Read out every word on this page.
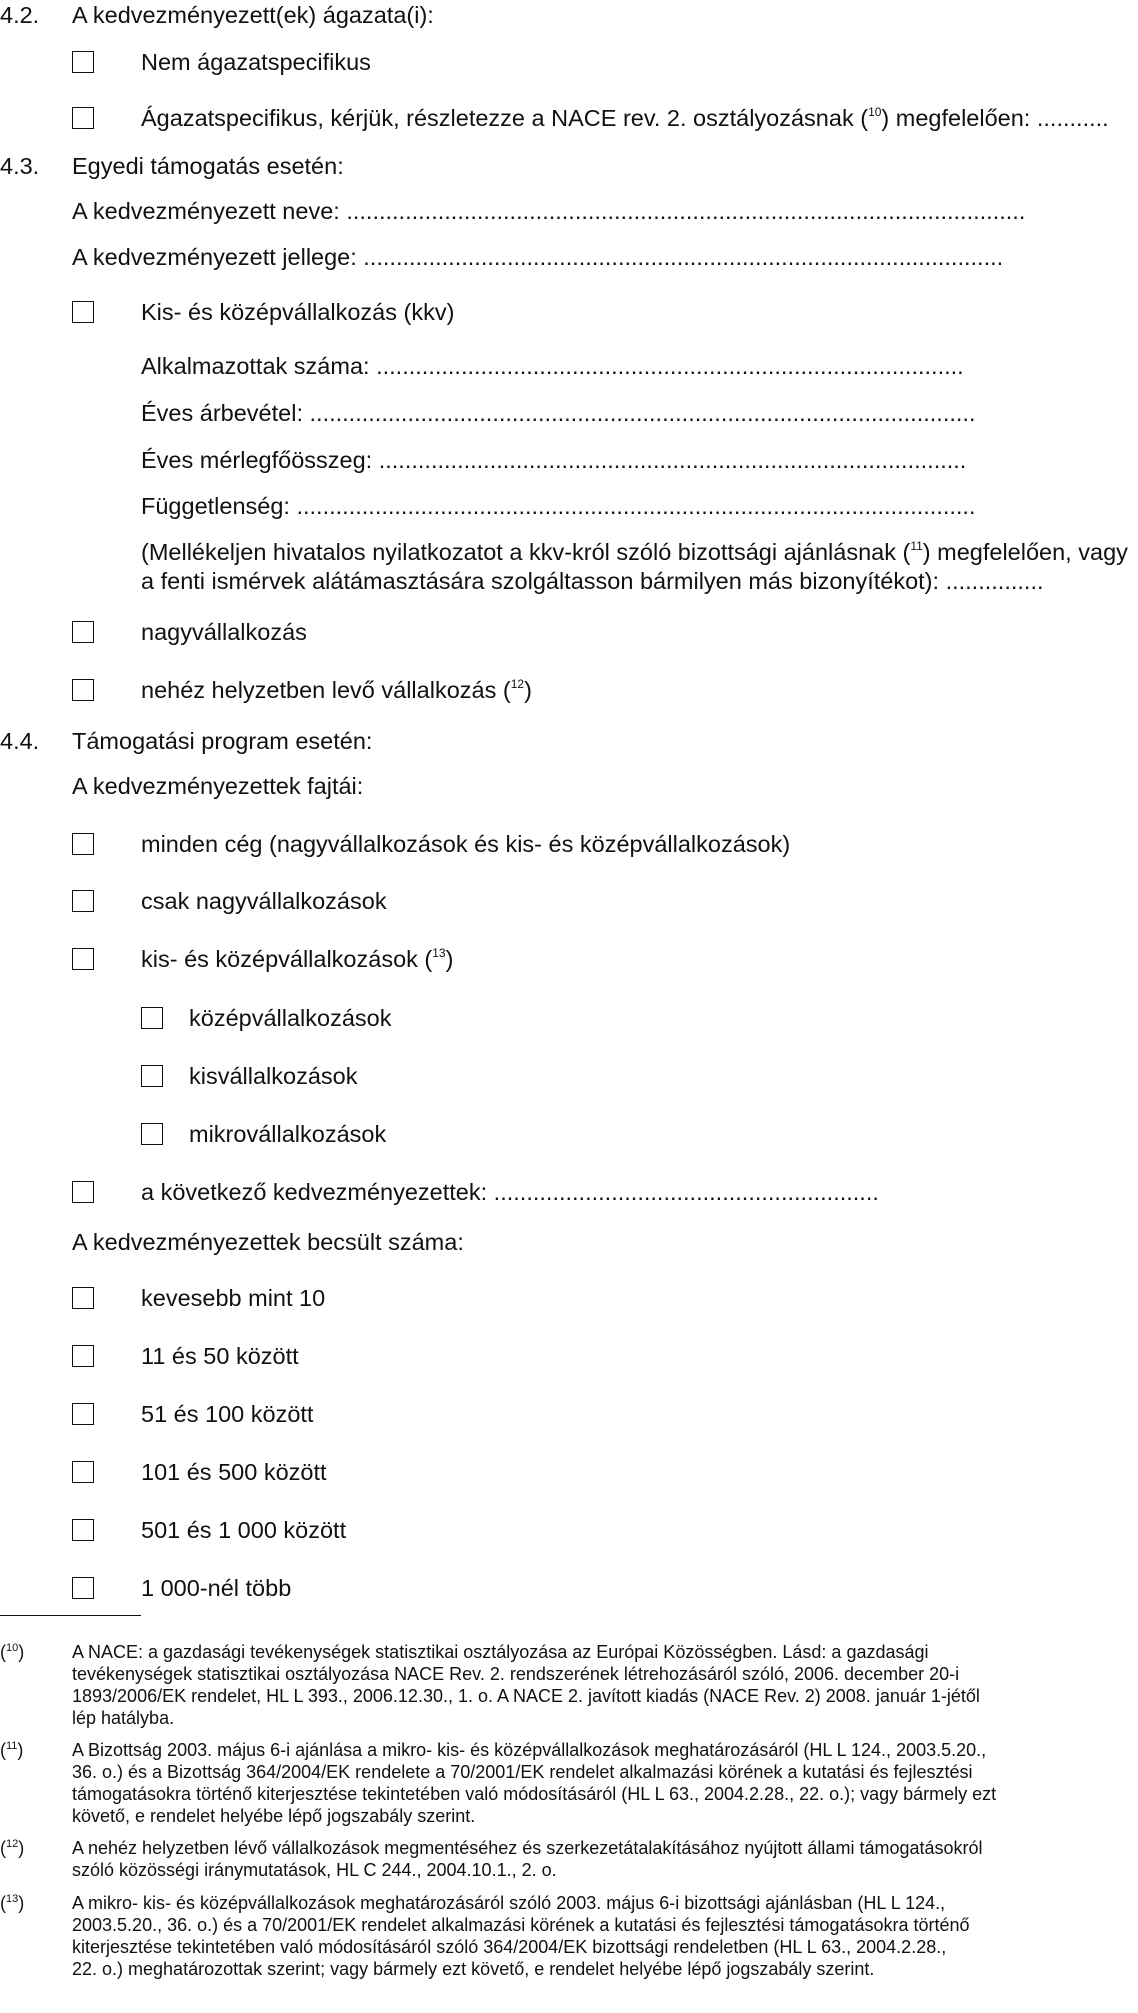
4.2. A kedvezményezett(ek) ágazata(i):
Nem ágazatspecifikus
Ágazatspecifikus, kérjük, részletezze a NACE rev. 2. osztályozásnak ($^{10}$) megfelelően: ...........
4.3. Egyedi támogatás esetén:
A kedvezményezett neve: ........................................................................................................
A kedvezményezett jellege: ..................................................................................................
Kis- és középvállalkozás (kkv)
Alkalmazottak száma: ..........................................................................................
Éves árbevétel: ......................................................................................................
Éves mérlegfőösszeg: ..........................................................................................
Függetlenség: ........................................................................................................
(Mellékeljen hivatalos nyilatkozatot a kkv-król szóló bizottsági ajánlásnak ($^{11}$) megfelelően, vagy
a fenti ismérvek alátámasztására szolgáltasson bármilyen más bizonyítékot): ...............
nagyvállalkozás
nehéz helyzetben levő vállalkozás ($^{12}$)
4.4. Támogatási program esetén:
A kedvezményezettek fajtái:
minden cég (nagyvállalkozások és kis- és középvállalkozások)
csak nagyvállalkozások
kis- és középvállalkozások ($^{13}$)
középvállalkozások
kisvállalkozások
mikrovállalkozások
a következő kedvezményezettek: ...........................................................
A kedvezményezettek becsült száma:
kevesebb mint 10
11 és 50 között
51 és 100 között
101 és 500 között
501 és 1 000 között
1 000-nél több
($^{10}$)	A NACE: a gazdasági tevékenységek statisztikai osztályozása az Európai Közösségben. Lásd: a gazdasági
tevékenységek statisztikai osztályozása NACE Rev. 2. rendszerének létrehozásáról szóló, 2006. december 20-i
1893/2006/EK rendelet, HL L 393., 2006.12.30., 1. o. A NACE 2. javított kiadás (NACE Rev. 2) 2008. január 1-jétől
lép hatályba.
($^{11}$)	A Bizottság 2003. május 6-i ajánlása a mikro- kis- és középvállalkozások meghatározásáról (HL L 124., 2003.5.20.,
36. o.) és a Bizottság 364/2004/EK rendelete a 70/2001/EK rendelet alkalmazási körének a kutatási és fejlesztési
támogatásokra történő kiterjesztése tekintetében való módosításáról (HL L 63., 2004.2.28., 22. o.); vagy bármely ezt
követő, e rendelet helyébe lépő jogszabály szerint.
($^{12}$)	A nehéz helyzetben lévő vállalkozások megmentéséhez és szerkezetátalakításához nyújtott állami támogatásokról
szóló közösségi iránymutatások, HL C 244., 2004.10.1., 2. o.
($^{13}$)	A mikro- kis- és középvállalkozások meghatározásáról szóló 2003. május 6-i bizottsági ajánlásban (HL L 124.,
2003.5.20., 36. o.) és a 70/2001/EK rendelet alkalmazási körének a kutatási és fejlesztési támogatásokra történő
kiterjesztése tekintetében való módosításáról szóló 364/2004/EK bizottsági rendeletben (HL L 63., 2004.2.28.,
22. o.) meghatározottak szerint; vagy bármely ezt követő, e rendelet helyébe lépő jogszabály szerint.
